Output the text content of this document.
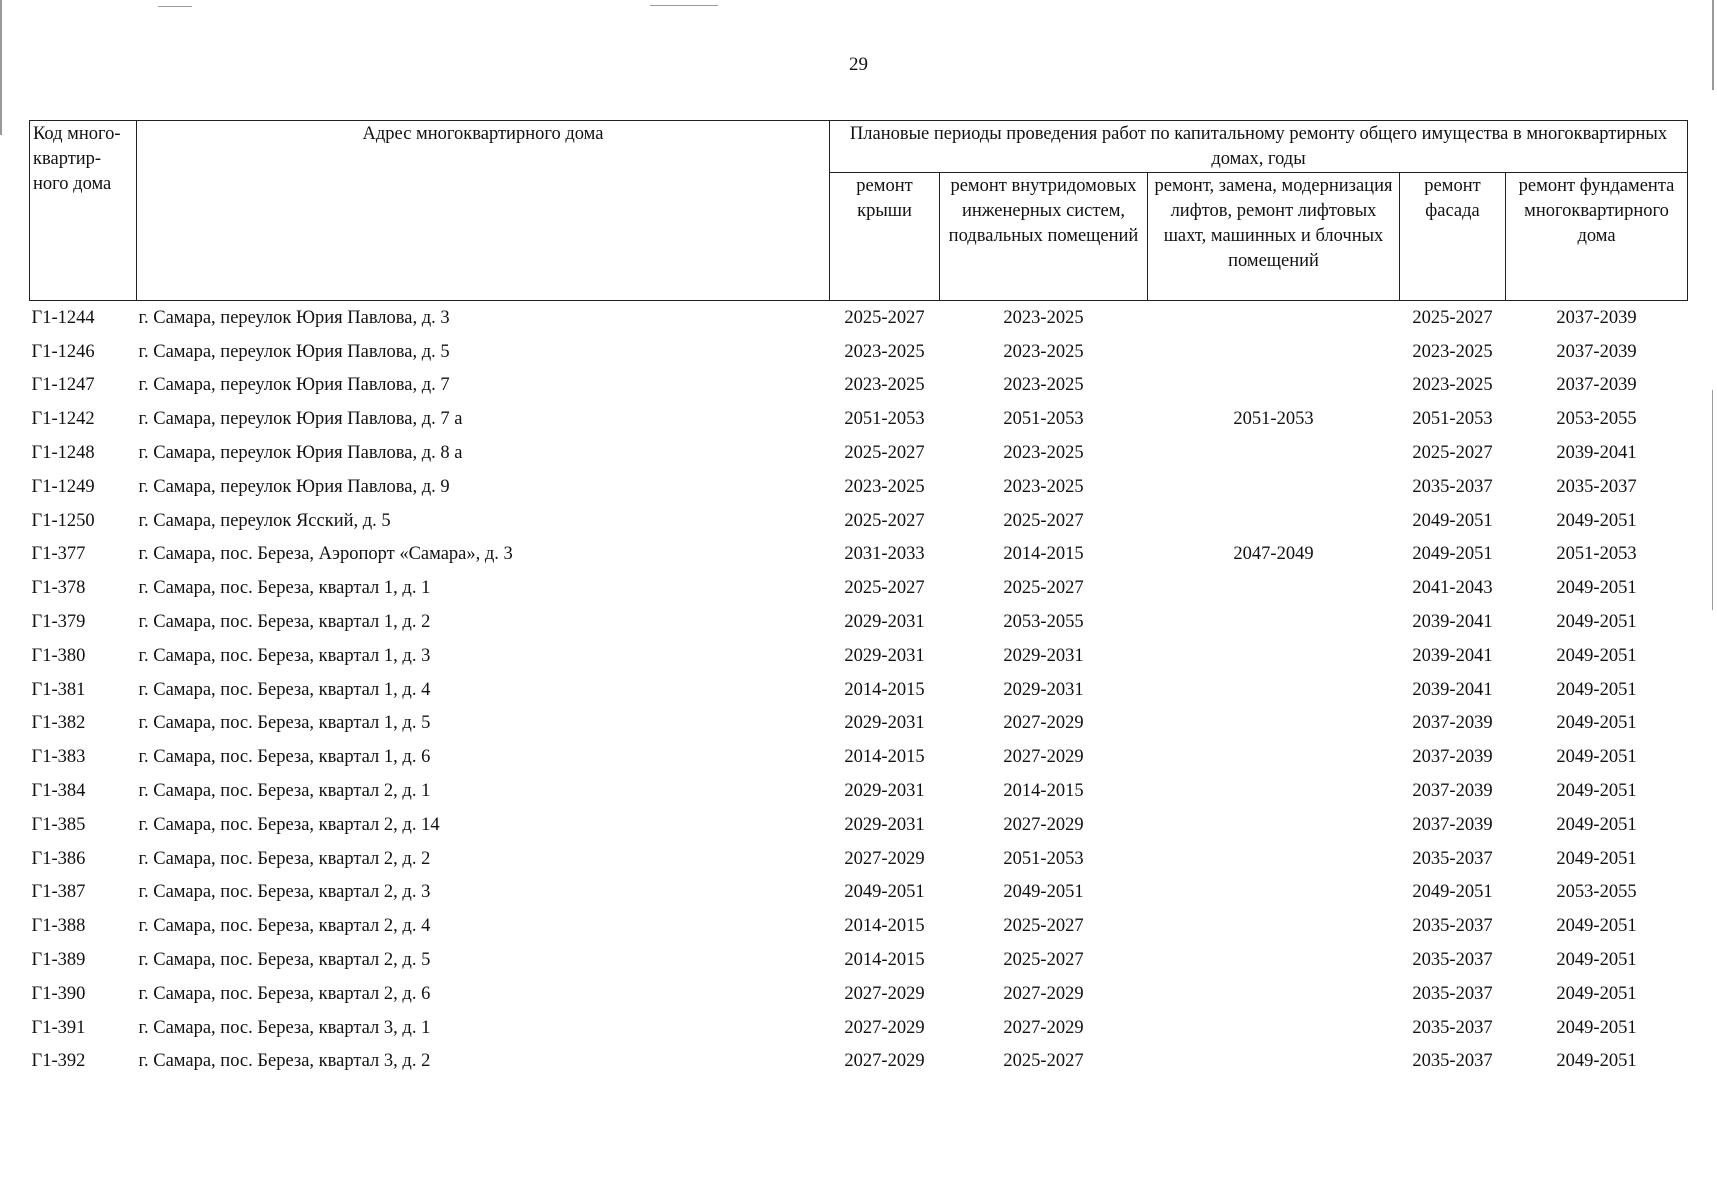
29
Код много- квартир- ного дома	Адрес многоквартирного дома	Плановые периоды проведения работ по капитальному ремонту общего имущества в многоквартирных домах, годы				
		ремонт крыши	ремонт внутридомовых инженерных систем, подвальных помещений	ремонт, замена, модернизация лифтов, ремонт лифтовых шахт, машинных и блочных помещений	ремонт фасада	ремонт фундамента многоквартирного дома
Г1-1244	г. Самара, переулок Юрия Павлова, д. 3	2025-2027	2023-2025		2025-2027	2037-2039
Г1-1246	г. Самара, переулок Юрия Павлова, д. 5	2023-2025	2023-2025		2023-2025	2037-2039
Г1-1247	г. Самара, переулок Юрия Павлова, д. 7	2023-2025	2023-2025		2023-2025	2037-2039
Г1-1242	г. Самара, переулок Юрия Павлова, д. 7 а	2051-2053	2051-2053	2051-2053	2051-2053	2053-2055
Г1-1248	г. Самара, переулок Юрия Павлова, д. 8 а	2025-2027	2023-2025		2025-2027	2039-2041
Г1-1249	г. Самара, переулок Юрия Павлова, д. 9	2023-2025	2023-2025		2035-2037	2035-2037
Г1-1250	г. Самара, переулок Ясский, д. 5	2025-2027	2025-2027		2049-2051	2049-2051
Г1-377	г. Самара, пос. Береза, Аэропорт «Самара», д. 3	2031-2033	2014-2015	2047-2049	2049-2051	2051-2053
Г1-378	г. Самара, пос. Береза, квартал 1, д. 1	2025-2027	2025-2027		2041-2043	2049-2051
Г1-379	г. Самара, пос. Береза, квартал 1, д. 2	2029-2031	2053-2055		2039-2041	2049-2051
Г1-380	г. Самара, пос. Береза, квартал 1, д. 3	2029-2031	2029-2031		2039-2041	2049-2051
Г1-381	г. Самара, пос. Береза, квартал 1, д. 4	2014-2015	2029-2031		2039-2041	2049-2051
Г1-382	г. Самара, пос. Береза, квартал 1, д. 5	2029-2031	2027-2029		2037-2039	2049-2051
Г1-383	г. Самара, пос. Береза, квартал 1, д. 6	2014-2015	2027-2029		2037-2039	2049-2051
Г1-384	г. Самара, пос. Береза, квартал 2, д. 1	2029-2031	2014-2015		2037-2039	2049-2051
Г1-385	г. Самара, пос. Береза, квартал 2, д. 14	2029-2031	2027-2029		2037-2039	2049-2051
Г1-386	г. Самара, пос. Береза, квартал 2, д. 2	2027-2029	2051-2053		2035-2037	2049-2051
Г1-387	г. Самара, пос. Береза, квартал 2, д. 3	2049-2051	2049-2051		2049-2051	2053-2055
Г1-388	г. Самара, пос. Береза, квартал 2, д. 4	2014-2015	2025-2027		2035-2037	2049-2051
Г1-389	г. Самара, пос. Береза, квартал 2, д. 5	2014-2015	2025-2027		2035-2037	2049-2051
Г1-390	г. Самара, пос. Береза, квартал 2, д. 6	2027-2029	2027-2029		2035-2037	2049-2051
Г1-391	г. Самара, пос. Береза, квартал 3, д. 1	2027-2029	2027-2029		2035-2037	2049-2051
Г1-392	г. Самара, пос. Береза, квартал 3, д. 2	2027-2029	2025-2027		2035-2037	2049-2051
